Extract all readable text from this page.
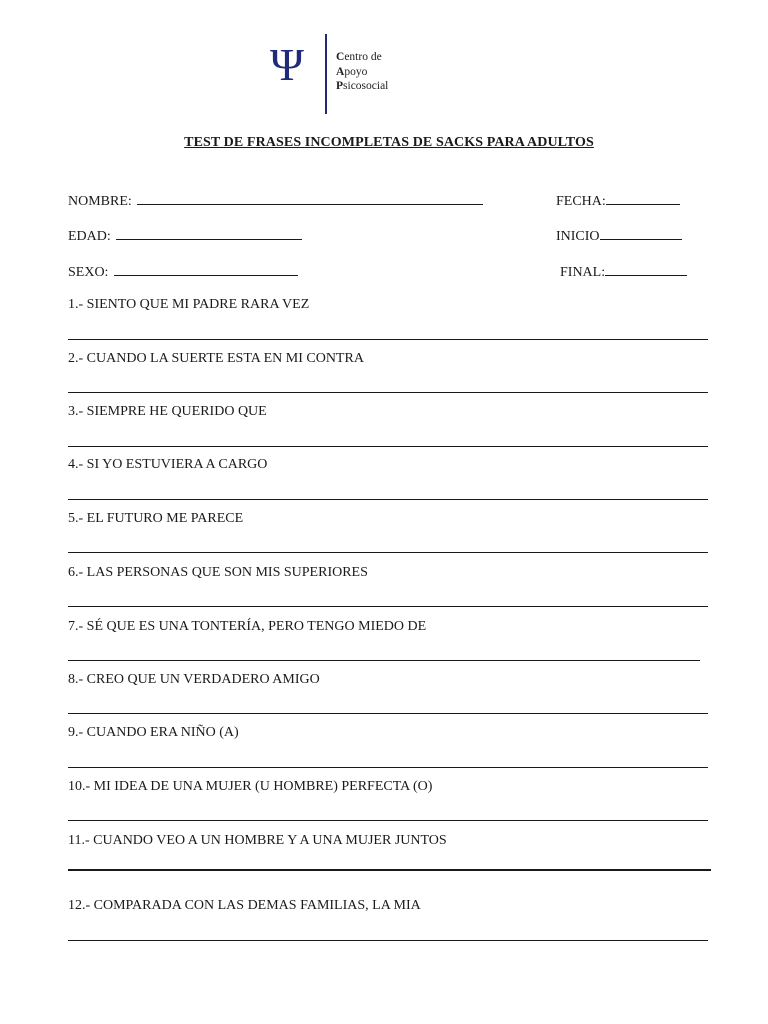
Ψ	Centro de
Apoyo
Psicosocial
TEST DE FRASES INCOMPLETAS DE SACKS PARA ADULTOS
NOMBRE:	FECHA:
EDAD:	INICIO
SEXO:	FINAL:
1.- SIENTO QUE MI PADRE RARA VEZ
2.- CUANDO LA SUERTE ESTA EN MI CONTRA
3.- SIEMPRE HE QUERIDO QUE
4.- SI YO ESTUVIERA A CARGO
5.- EL FUTURO ME PARECE
6.- LAS PERSONAS QUE SON MIS SUPERIORES
7.- SÉ QUE ES UNA TONTERÍA, PERO TENGO MIEDO DE
8.- CREO QUE UN VERDADERO AMIGO
9.- CUANDO ERA NIÑO (A)
10.- MI IDEA DE UNA MUJER (U HOMBRE) PERFECTA (O)
11.- CUANDO VEO A UN HOMBRE Y A UNA MUJER JUNTOS
12.- COMPARADA CON LAS DEMAS FAMILIAS, LA MIA
